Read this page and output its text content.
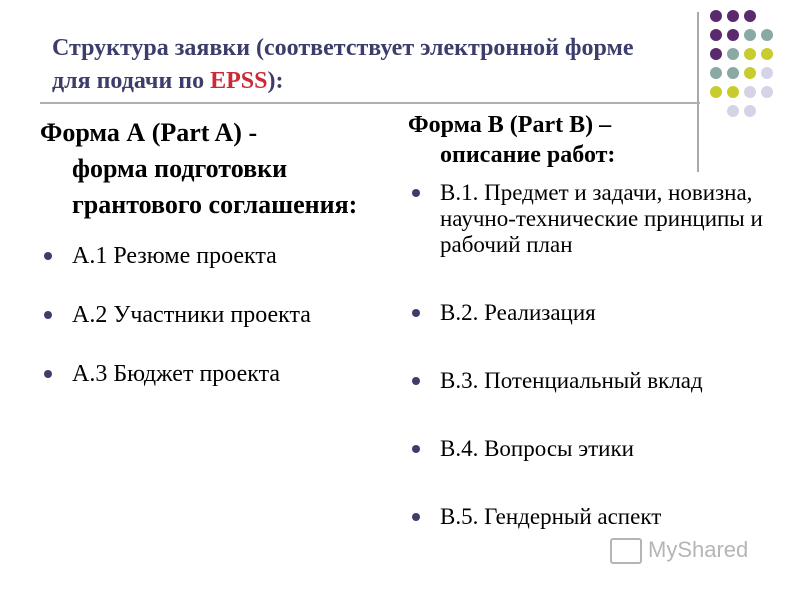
Структура заявки (соответствует электронной форме
для подачи по EPSS):
Форма А (Part A) -
форма подготовки грантового соглашения:
А.1 Резюме проекта
А.2 Участники проекта
А.3 Бюджет проекта
Форма В (Part B) –
описание работ:
В.1. Предмет и задачи, новизна, научно-технические принципы и рабочий план
В.2. Реализация
В.3. Потенциальный вклад
В.4. Вопросы этики
В.5. Гендерный аспект
MyShared
